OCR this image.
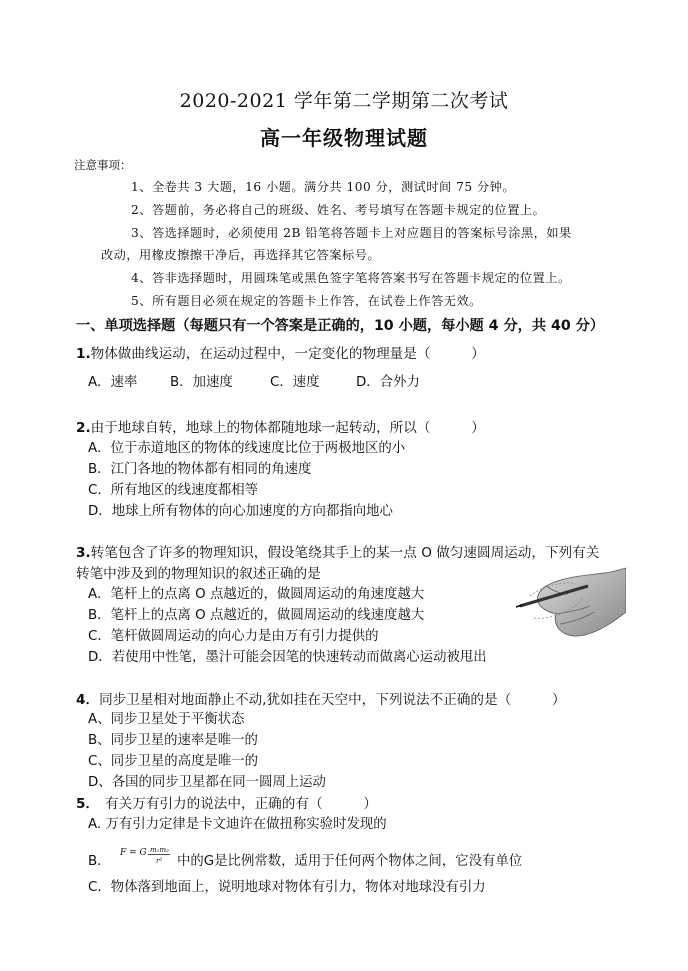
2020-2021 学年第二学期第二次考试
高一年级物理试题
注意事项：
1、全卷共 3 大题，16 小题。满分共 100 分，测试时间 75 分钟。
2、答题前，务必将自己的班级、姓名、考号填写在答题卡规定的位置上。
3、答选择题时，必须使用 2B 铅笔将答题卡上对应题目的答案标号涂黑，如果
改动，用橡皮擦擦干净后，再选择其它答案标号。
4、答非选择题时，用圆珠笔或黑色签字笔将答案书写在答题卡规定的位置上。
5、所有题目必须在规定的答题卡上作答，在试卷上作答无效。
一、单项选择题（每题只有一个答案是正确的，10 小题，每小题 4 分，共 40 分）
1.物体做曲线运动，在运动过程中，一定变化的物理量是（　　　）
A．速率 B．加速度	C．速度	D．合外力
2.由于地球自转，地球上的物体都随地球一起转动，所以（　　　）
A．位于赤道地区的物体的线速度比位于两极地区的小
B．江门各地的物体都有相同的角速度
C．所有地区的线速度都相等
D．地球上所有物体的向心加速度的方向都指向地心
3.转笔包含了许多的物理知识，假设笔绕其手上的某一点 O 做匀速圆周运动，下列有关
转笔中涉及到的物理知识的叙述正确的是
A．笔杆上的点离 O 点越近的，做圆周运动的角速度越大
B．笔杆上的点离 O 点越近的，做圆周运动的线速度越大
C．笔杆做圆周运动的向心力是由万有引力提供的
D．若使用中性笔，墨汁可能会因笔的快速转动而做离心运动被甩出
4．同步卫星相对地面静止不动,犹如挂在天空中，下列说法不正确的是（　　　）
A、同步卫星处于平衡状态
B、同步卫星的速率是唯一的
C、同步卫星的高度是唯一的
D、各国的同步卫星都在同一圆周上运动
5． 有关万有引力的说法中，正确的有（　　　）
A. 万有引力定律是卡文迪许在做扭称实验时发现的
B．
F = G m₁m₂
r² 中的G是比例常数，适用于任何两个物体之间，它没有单位
C．物体落到地面上，说明地球对物体有引力，物体对地球没有引力
